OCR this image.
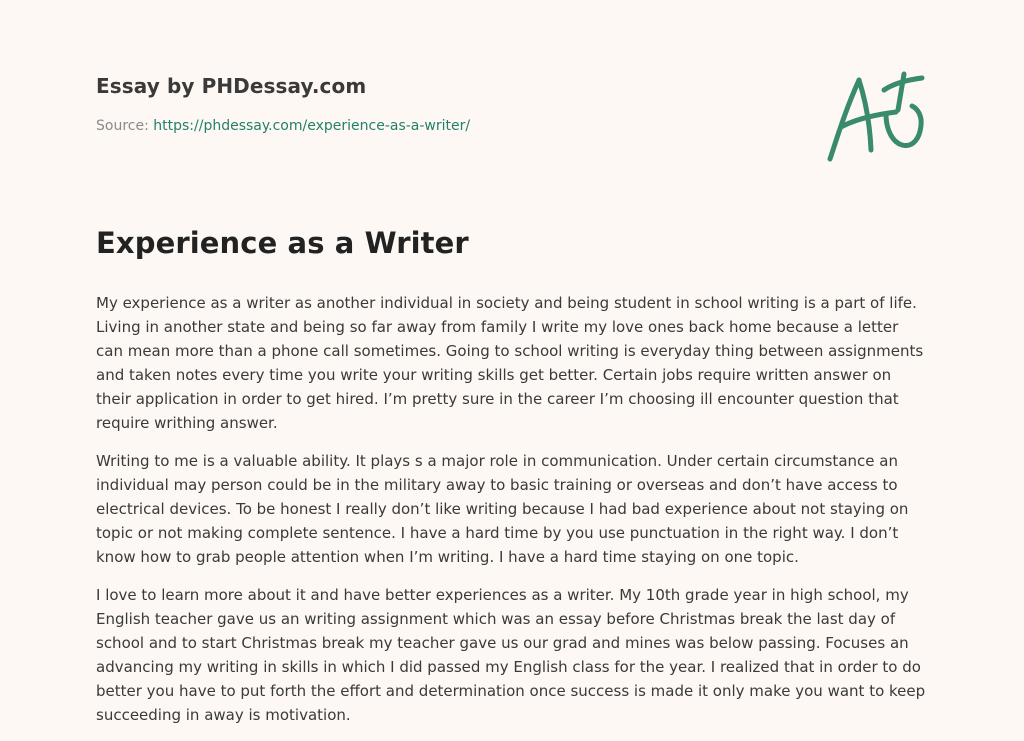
Essay by PHDessay.com
Source: https://phdessay.com/experience-as-a-writer/
Experience as a Writer

My experience as a writer as another individual in society and being student in school writing is a part of life. Living in another state and being so far away from family I write my love ones back home because a letter can mean more than a phone call sometimes. Going to school writing is everyday thing between assignments and taken notes every time you write your writing skills get better. Certain jobs require written answer on their application in order to get hired. I’m pretty sure in the career I’m choosing ill encounter question that require writhing answer.

Writing to me is a valuable ability. It plays s a major role in communication. Under certain circumstance an individual may person could be in the military away to basic training or overseas and don’t have access to electrical devices. To be honest I really don’t like writing because I had bad experience about not staying on topic or not making complete sentence. I have a hard time by you use punctuation in the right way. I don’t know how to grab people attention when I’m writing. I have a hard time staying on one topic.

I love to learn more about it and have better experiences as a writer. My 10th grade year in high school, my English teacher gave us an writing assignment which was an essay before Christmas break the last day of school and to start Christmas break my teacher gave us our grad and mines was below passing. Focuses an advancing my writing in skills in which I did passed my English class for the year. I realized that in order to do better you have to put forth the effort and determination once success is made it only make you want to keep succeeding in away is motivation.
